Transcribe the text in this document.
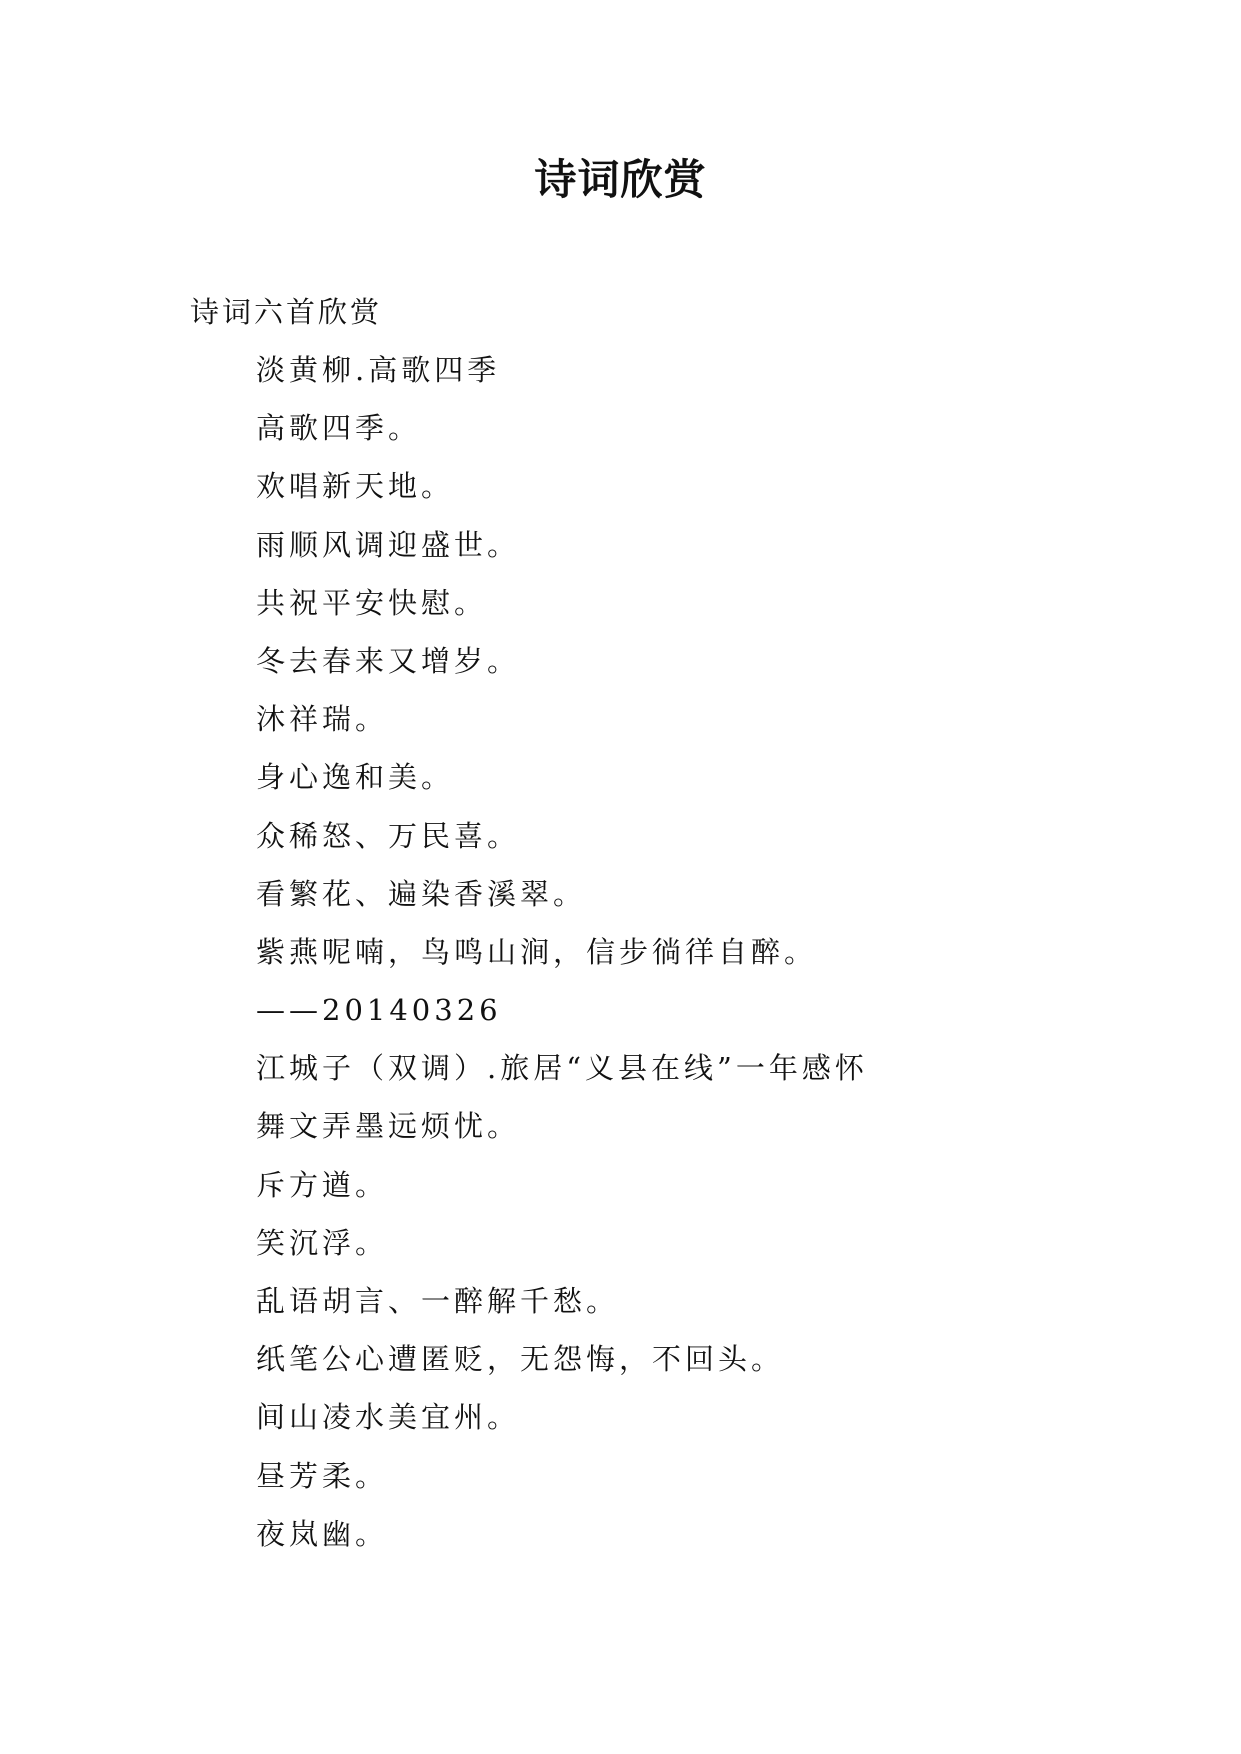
诗词欣赏
诗词六首欣赏
淡黄柳.高歌四季
高歌四季。
欢唱新天地。
雨顺风调迎盛世。
共祝平安快慰。
冬去春来又增岁。
沐祥瑞。
身心逸和美。
众稀怒、万民喜。
看繁花、遍染香溪翠。
紫燕呢喃，鸟鸣山涧，信步徜徉自醉。
——20140326
江城子（双调）.旅居“义县在线”一年感怀
舞文弄墨远烦忧。
斥方遒。
笑沉浮。
乱语胡言、一醉解千愁。
纸笔公心遭匿贬，无怨悔，不回头。
间山凌水美宜州。
昼芳柔。
夜岚幽。
